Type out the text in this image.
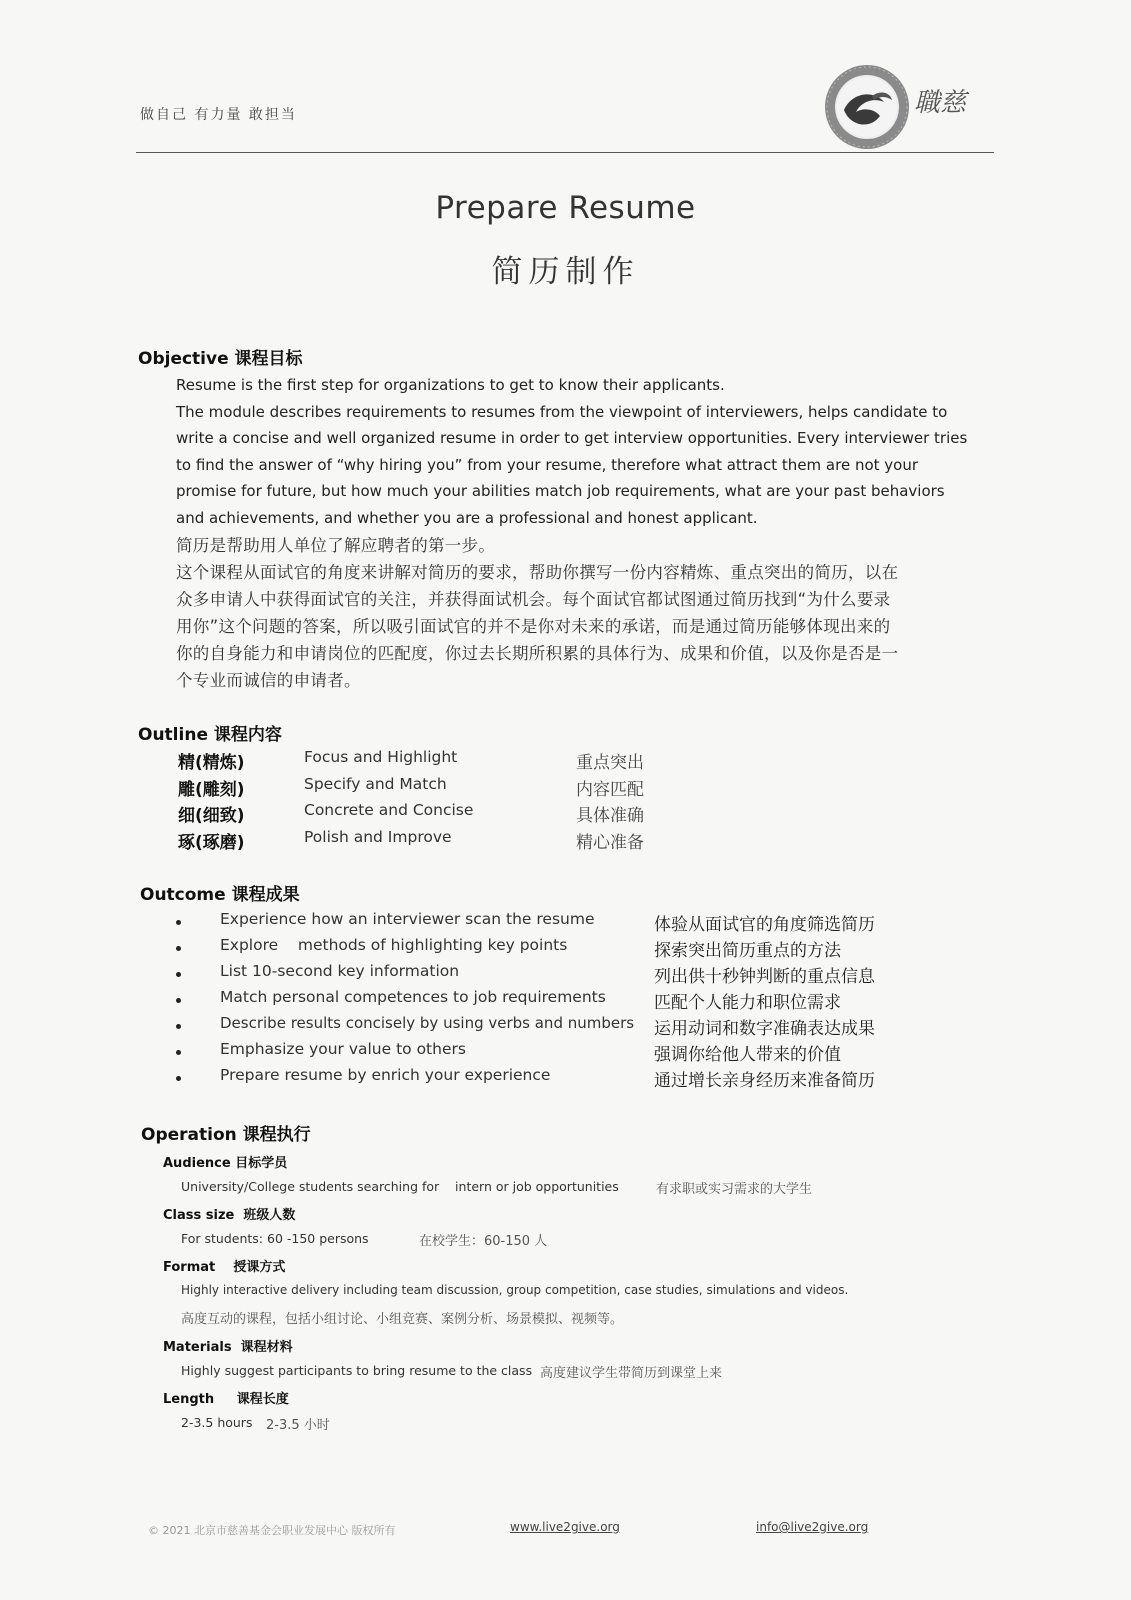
做自己 有力量 敢担当	職慈
Prepare Resume
简历制作
Objective 课程目标
Resume is the first step for organizations to get to know their applicants.
The module describes requirements to resumes from the viewpoint of interviewers, helps candidate to
write a concise and well organized resume in order to get interview opportunities. Every interviewer tries
to find the answer of “why hiring you” from your resume, therefore what attract them are not your
promise for future, but how much your abilities match job requirements, what are your past behaviors
and achievements, and whether you are a professional and honest applicant.
简历是帮助用人单位了解应聘者的第一步。
这个课程从面试官的角度来讲解对简历的要求，帮助你撰写一份内容精炼、重点突出的简历，以在
众多申请人中获得面试官的关注，并获得面试机会。每个面试官都试图通过简历找到“为什么要录
用你”这个问题的答案，所以吸引面试官的并不是你对未来的承诺，而是通过简历能够体现出来的
你的自身能力和申请岗位的匹配度，你过去长期所积累的具体行为、成果和价值，以及你是否是一
个专业而诚信的申请者。
Outline 课程内容
精(精炼)	Focus and Highlight	重点突出
雕(雕刻)	Specify and Match	内容匹配
细(细致)	Concrete and Concise	具体准确
琢(琢磨)	Polish and Improve	精心准备
Outcome 课程成果
Experience how an interviewer scan the resume	体验从面试官的角度筛选简历
Explore    methods of highlighting key points	探索突出简历重点的方法
List 10-second key information	列出供十秒钟判断的重点信息
Match personal competences to job requirements	匹配个人能力和职位需求
Describe results concisely by using verbs and numbers 运用动词和数字准确表达成果
Emphasize your value to others	强调你给他人带来的价值
Prepare resume by enrich your experience	通过增长亲身经历来准备简历
Operation 课程执行
Audience 目标学员
University/College students searching for    intern or job opportunities	有求职或实习需求的大学生
Class size  班级人数
For students: 60 -150 persons	在校学生：60-150 人
Format    授课方式
Highly interactive delivery including team discussion, group competition, case studies, simulations and videos.
高度互动的课程，包括小组讨论、小组竞赛、案例分析、场景模拟、视频等。
Materials  课程材料
Highly suggest participants to bring resume to the class 高度建议学生带简历到课堂上来
Length     课程长度
2-3.5 hours 2-3.5 小时
© 2021 北京市慈善基金会职业发展中心 版权所有	www.live2give.org	info@live2give.org
